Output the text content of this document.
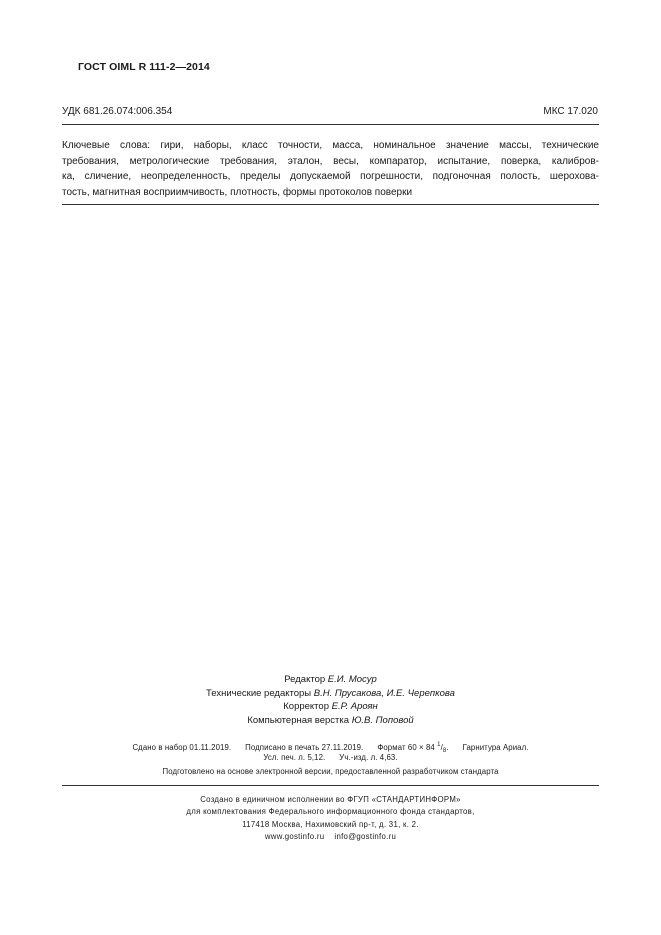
ГОСТ OIML R 111-2—2014
УДК 681.26.074:006.354	МКС 17.020
Ключевые слова: гири, наборы, класс точности, масса, номинальное значение массы, технические
требования, метрологические требования, эталон, весы, компаратор, испытание, поверка, калибров-
ка, сличение, неопределенность, пределы допускаемой погрешности, подгоночная полость, шерохова-
тость, магнитная восприимчивость, плотность, формы протоколов поверки
Редактор Е.И. Мосур
Технические редакторы В.Н. Прусакова, И.Е. Черепкова
Корректор Е.Р. Ароян
Компьютерная верстка Ю.В. Поповой
Сдано в набор 01.11.2019. Подписано в печать 27.11.2019. Формат 60 × 84 $^1/_8$. Гарнитура Ариал.
Усл. печ. л. 5,12. Уч.-изд. л. 4,63.
Подготовлено на основе электронной версии, предоставленной разработчиком стандарта
Создано в единичном исполнении во ФГУП «СТАНДАРТИНФОРМ»
для комплектования Федерального информационного фонда стандартов,
117418 Москва, Нахимовский пр-т, д. 31, к. 2.
www.gostinfo.ru info@gostinfo.ru
